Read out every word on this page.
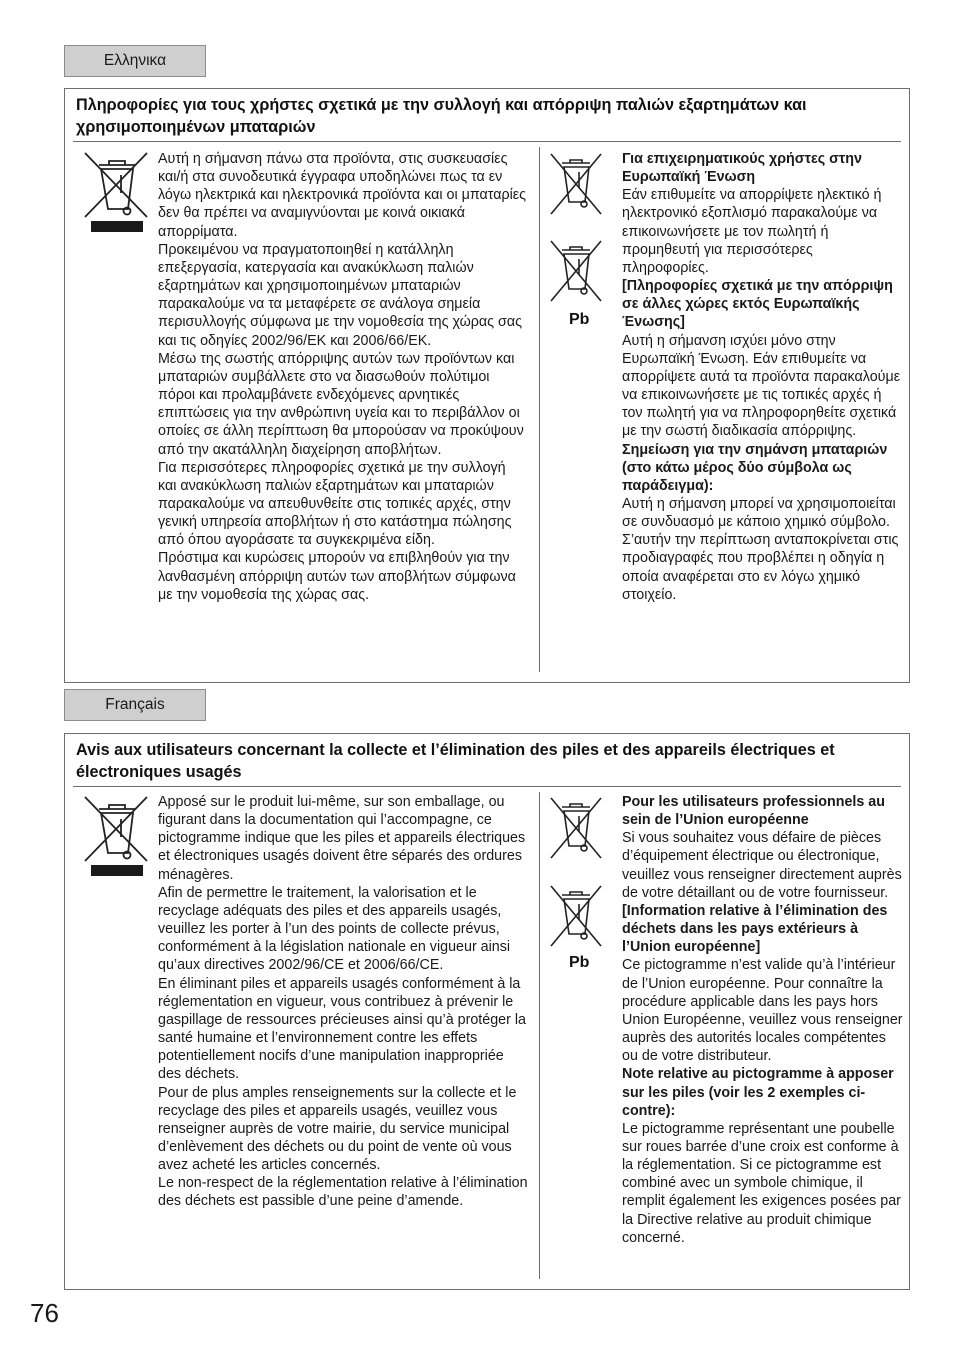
Ελληνικα
Πληροφορίες για τους χρήστες σχετικά με την συλλογή και απόρριψη παλιών εξαρτημάτων και χρησιμοποιημένων μπαταριών

Αυτή η σήμανση πάνω στα προϊόντα, στις συσκευασίες και/ή στα συνοδευτικά έγγραφα υποδηλώνει πως τα εν λόγω ηλεκτρικά και ηλεκτρονικά προϊόντα και οι μπαταρίες δεν θα πρέπει να αναμιγνύονται με κοινά οικιακά απορρίματα.

Προκειμένου να πραγματοποιηθεί η κατάλληλη επεξεργασία, κατεργασία και ανακύκλωση παλιών εξαρτημάτων και χρησιμοποιημένων μπαταριών παρακαλούμε να τα μεταφέρετε σε ανάλογα σημεία περισυλλογής σύμφωνα με την νομοθεσία της χώρας σας και τις οδηγίες 2002/96/ΕΚ και 2006/66/ΕΚ.

Μέσω της σωστής απόρριψης αυτών των προϊόντων και μπαταριών συμβάλλετε στο να διασωθούν πολύτιμοι πόροι και προλαμβάνετε ενδεχόμενες αρνητικές επιπτώσεις για την ανθρώπινη υγεία και το περιβάλλον οι οποίες σε άλλη περίπτωση θα μπορούσαν να προκύψουν από την ακατάλληλη διαχείρηση αποβλήτων.

Για περισσότερες πληροφορίες σχετικά με την συλλογή και ανακύκλωση παλιών εξαρτημάτων και μπαταριών παρακαλούμε να απευθυνθείτε στις τοπικές αρχές, στην γενική υπηρεσία αποβλήτων ή στο κατάστημα πώλησης από όπου αγοράσατε τα συγκεκριμένα είδη.

Πρόστιμα και κυρώσεις μπορούν να επιβληθούν για την λανθασμένη απόρριψη αυτών των αποβλήτων σύμφωνα με την νομοθεσία της χώρας σας.

Pb

Για επιχειρηματικούς χρήστες στην Ευρωπαϊκή Ένωση

Εάν επιθυμείτε να απορρίψετε ηλεκτικό ή ηλεκτρονικό εξοπλισμό παρακαλούμε να επικοινωνήσετε με τον πωλητή ή προμηθευτή για περισσότερες πληροφορίες.

[Πληροφορίες σχετικά με την απόρριψη σε άλλες χώρες εκτός Ευρωπαϊκής Ένωσης]

Αυτή η σήμανση ισχύει μόνο στην Ευρωπαϊκή Ένωση. Εάν επιθυμείτε να απορρίψετε αυτά τα προϊόντα παρακαλούμε να επικοινωνήσετε με τις τοπικές αρχές ή τον πωλητή για να πληροφορηθείτε σχετικά με την σωστή διαδικασία απόρριψης.

Σημείωση για την σημάνση μπαταριών (στο κάτω μέρος δύο σύμβολα ως παράδειγμα):

Αυτή η σήμανση μπορεί να χρησιμοποιείται σε συνδυασμό με κάποιο χημικό σύμβολο. Σ’αυτήν την περίπτωση ανταποκρίνεται στις προδιαγραφές που προβλέπει η οδηγία η οποία αναφέρεται στο εν λόγω χημικό στοιχείο.

Français
Avis aux utilisateurs concernant la collecte et l’élimination des piles et des appareils électriques et électroniques usagés

Apposé sur le produit lui-même, sur son emballage, ou figurant dans la documentation qui l’accompagne, ce pictogramme indique que les piles et appareils électriques et électroniques usagés doivent être séparés des ordures ménagères.

Afin de permettre le traitement, la valorisation et le recyclage adéquats des piles et des appareils usagés, veuillez les porter à l’un des points de collecte prévus, conformément à la législation nationale en vigueur ainsi qu’aux directives 2002/96/CE et 2006/66/CE.

En éliminant piles et appareils usagés conformément à la réglementation en vigueur, vous contribuez à prévenir le gaspillage de ressources précieuses ainsi qu’à protéger la santé humaine et l’environnement contre les effets potentiellement nocifs d’une manipulation inappropriée des déchets.

Pour de plus amples renseignements sur la collecte et le recyclage des piles et appareils usagés, veuillez vous renseigner auprès de votre mairie, du service municipal d’enlèvement des déchets ou du point de vente où vous avez acheté les articles concernés.

Le non-respect de la réglementation relative à l’élimination des déchets est passible d’une peine d’amende.

Pb

Pour les utilisateurs professionnels au sein de l’Union européenne

Si vous souhaitez vous défaire de pièces d’équipement électrique ou électronique, veuillez vous renseigner directement auprès de votre détaillant ou de votre fournisseur.

[Information relative à l’élimination des déchets dans les pays extérieurs à l’Union européenne]

Ce pictogramme n’est valide qu’à l’intérieur de l’Union européenne. Pour connaître la procédure applicable dans les pays hors Union Européenne, veuillez vous renseigner auprès des autorités locales compétentes ou de votre distributeur.

Note relative au pictogramme à apposer sur les piles (voir les 2 exemples ci-contre):

Le pictogramme représentant une poubelle sur roues barrée d’une croix est conforme à la réglementation. Si ce pictogramme est combiné avec un symbole chimique, il remplit également les exigences posées par la Directive relative au produit chimique concerné.

76
